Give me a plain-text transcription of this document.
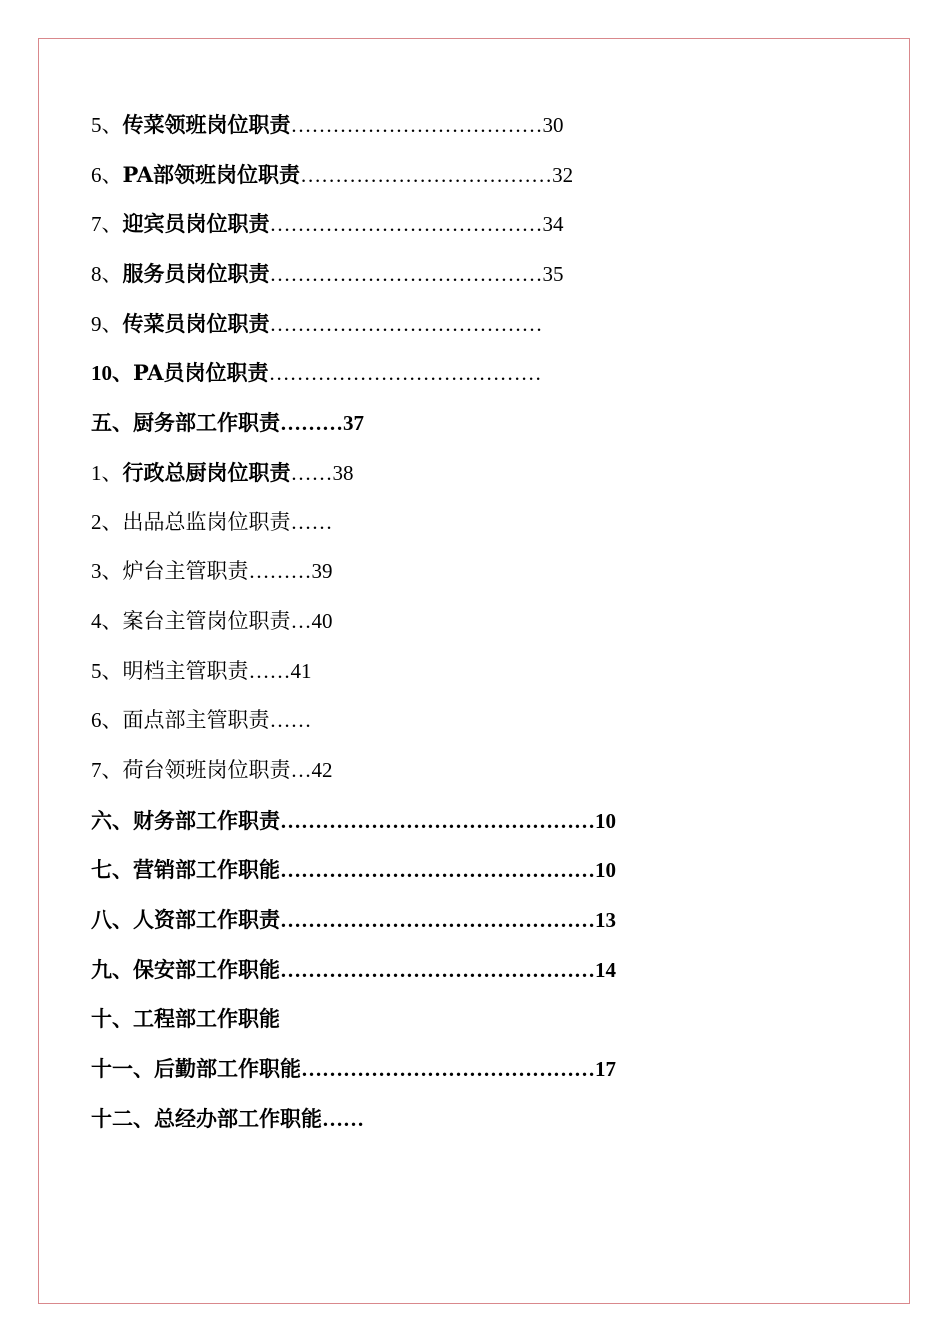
5、传菜领班岗位职责………………………………30
6、PA部领班岗位职责………………………………32
7、迎宾员岗位职责…………………………………34
8、服务员岗位职责…………………………………35
9、传菜员岗位职责…………………………………
10、PA员岗位职责…………………………………
五、厨务部工作职责………37
1、行政总厨岗位职责……38
2、出品总监岗位职责……
3、炉台主管职责………39
4、案台主管岗位职责…40
5、明档主管职责……41
6、面点部主管职责……
7、荷台领班岗位职责…42
六、财务部工作职责………………………………………10
七、营销部工作职能………………………………………10
八、人资部工作职责………………………………………13
九、保安部工作职能………………………………………14
十、工程部工作职能
十一、后勤部工作职能……………………………………17
十二、总经办部工作职能……
